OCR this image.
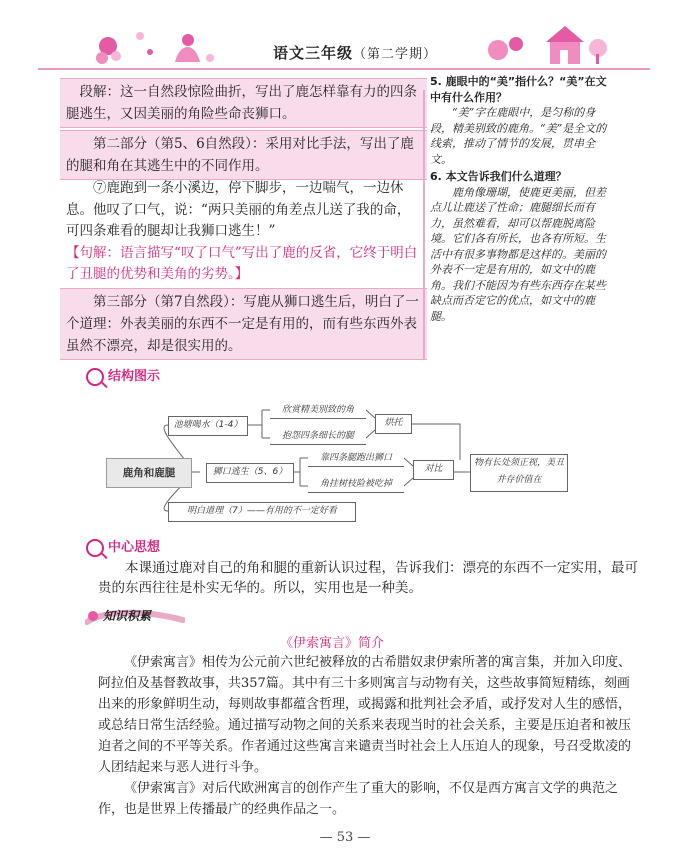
语文三年级（第二学期）

段解：这一自然段惊险曲折，写出了鹿怎样靠有力的四条腿逃生，又因美丽的角险些命丧狮口。

第二部分（第5、6自然段）：采用对比手法，写出了鹿的腿和角在其逃生中的不同作用。

⑦鹿跑到一条小溪边，停下脚步，一边喘气，一边休息。他叹了口气，说：“两只美丽的角差点儿送了我的命，可四条难看的腿却让我狮口逃生！”

【句解：语言描写“叹了口气”写出了鹿的反省，它终于明白了丑腿的优势和美角的劣势。】

第三部分（第7自然段）：写鹿从狮口逃生后，明白了一个道理：外表美丽的东西不一定是有用的，而有些东西外表虽然不漂亮，却是很实用的。

5. 鹿眼中的“美”指什么？“美”在文中有什么作用？

“美”字在鹿眼中，是匀称的身段，精美别致的鹿角。“美”是全文的线索，推动了情节的发展，贯串全文。

6. 本文告诉我们什么道理？

鹿角像珊瑚，使鹿更美丽，但差点儿让鹿送了性命；鹿腿细长而有力，虽然难看，却可以帮鹿脱离险境。它们各有所长，也各有所短。生活中有很多事物都是这样的。美丽的外表不一定是有用的，如文中的鹿角。我们不能因为有些东西存在某些缺点而否定它的优点，如文中的鹿腿。

结构图示
鹿角和鹿腿
池塘喝水（1-4）
欣赏精美别致的角
抱怨四条细长的腿
烘托
狮口逃生（5、6）
靠四条腿跑出狮口
角挂树枝险被吃掉
对比
物有长处须正视，美丑并存价值在
明白道理（7）——有用的不一定好看
中心思想

本课通过鹿对自己的角和腿的重新认识过程，告诉我们：漂亮的东西不一定实用，最可贵的东西往往是朴实无华的。所以，实用也是一种美。

知识积累
《伊索寓言》简介

《伊索寓言》相传为公元前六世纪被释放的古希腊奴隶伊索所著的寓言集，并加入印度、阿拉伯及基督教故事，共357篇。其中有三十多则寓言与动物有关，这些故事简短精练，刻画出来的形象鲜明生动，每则故事都蕴含哲理，或揭露和批判社会矛盾，或抒发对人生的感悟，或总结日常生活经验。通过描写动物之间的关系来表现当时的社会关系，主要是压迫者和被压迫者之间的不平等关系。作者通过这些寓言来谴责当时社会上人压迫人的现象，号召受欺凌的人团结起来与恶人进行斗争。

《伊索寓言》对后代欧洲寓言的创作产生了重大的影响，不仅是西方寓言文学的典范之作，也是世界上传播最广的经典作品之一。

— 53 —
